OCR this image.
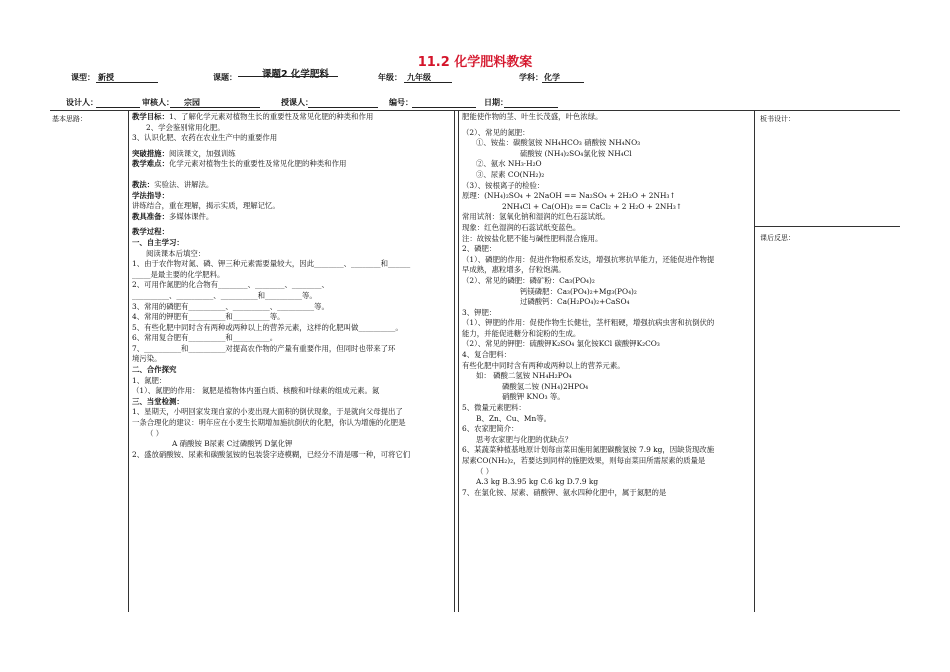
11.2 化学肥料教案
课型： 新授	课题：	课题2 化学肥料	年级： 九年级	学科： 化学
设计人：	审核人： 宗园	授课人：	编号：	日期：
基本思路：	板书设计：
课后反思：
教学目标：1、了解化学元素对植物生长的重要性及常见化肥的种类和作用
2、学会鉴别常用化肥。
3、认识化肥、农药在农业生产中的重要作用
突破措施：阅读课文，加强训练
教学难点：化学元素对植物生长的重要性及常见化肥的种类和作用
教法：实验法、讲解法。
学法指导：
讲练结合，重在理解，揭示实质，理解记忆。
教具准备：多媒体课件。
教学过程：
一、自主学习：
阅读课本后填空：
1、由于农作物对氮、磷、钾三种元素需要量较大，因此________、________和______
_____是最主要的化学肥料。
2、可用作氮肥的化合物有________、________、________、
__________、__________、__________和__________等。
3、常用的磷肥有__________、__________、__________等。
4、常用的钾肥有__________和__________等。
5、有些化肥中同时含有两种或两种以上的营养元素，这样的化肥叫做__________。
6、常用复合肥有__________和__________。
7、__________和__________对提高农作物的产量有重要作用，但同时也带来了环
境污染。
二、合作探究
1、氮肥：
（1）、氮肥的作用： 氮肥是植物体内蛋白质、核酸和叶绿素的组成元素。氮
三、当堂检测：
1、星期天，小明回家发现自家的小麦出现大面积的倒伏现象，于是就向父母提出了
一条合理化的建议：明年应在小麦生长期增加施抗倒伏的化肥，你认为增施的化肥是
（ ）
A 硝酸铵 B尿素 C过磷酸钙 D氯化钾
2、盛放硝酸铵、尿素和碳酸氢铵的包装袋字迹模糊，已经分不清是哪一种，可将它们
肥能使作物的茎、叶生长茂盛，叶色浓绿。
（2）、常见的氮肥：
①、铵盐：碳酸氢铵 NH₄HCO₃ 硝酸铵 NH₄NO₃
硫酸铵 (NH₄)₂SO₄氯化铵 NH₄Cl
②、氨水 NH₃·H₂O
③、尿素 CO(NH₂)₂
（3）、铵根离子的检验：
原理：(NH₄)₂SO₄ + 2NaOH == Na₂SO₄ + 2H₂O + 2NH₃↑
2NH₄Cl + Ca(OH)₂ == CaCl₂ + 2 H₂O + 2NH₃↑
常用试剂：氢氧化钠和湿润的红色石蕊试纸。
现象：红色湿润的石蕊试纸变蓝色。
注：故铵盐化肥不能与碱性肥料混合施用。
2、磷肥：
（1）、磷肥的作用：促进作物根系发达，增强抗寒抗旱能力，还能促进作物提
早成熟，惠粒增多，仔粒饱满。
（2）、常见的磷肥：磷矿粉：Ca₃(PO₄)₂
钙镁磷肥：Ca₃(PO₄)₂+Mg₃(PO₄)₂
过磷酸钙：Ca(H₂PO₄)₂+CaSO₄
3、钾肥：
（1）、钾肥的作用：促使作物生长健壮，茎杆粗硬，增强抗病虫害和抗倒伏的
能力，并能促进糖分和淀粉的生成。
（2）、常见的钾肥：硫酸钾K₂SO₄ 氯化铵KCl 碳酸钾K₂CO₃
4、复合肥料：
有些化肥中同时含有两种或两种以上的营养元素。
如： 磷酸二氢铵 NH₄H₂PO₄
磷酸氢二铵 (NH₄)2HPO₄
硝酸钾 KNO₃ 等。
5、微量元素肥料：
B、Zn、Cu、Mn等。
6、农家肥简介：
思考农家肥与化肥的优缺点？
6、某蔬菜种植基地原计划每亩菜田施用氮肥碳酸氢铵 7.9 kg，因缺货现改施
尿素CO(NH₂)₂，若要达到同样的施肥效果，则每亩菜田所需尿素的质量是
（ ）
A.3 kg B.3.95 kg C.6 kg D.7.9 kg
7、在氯化铵、尿素、硝酸钾、氨水四种化肥中，属于氮肥的是
